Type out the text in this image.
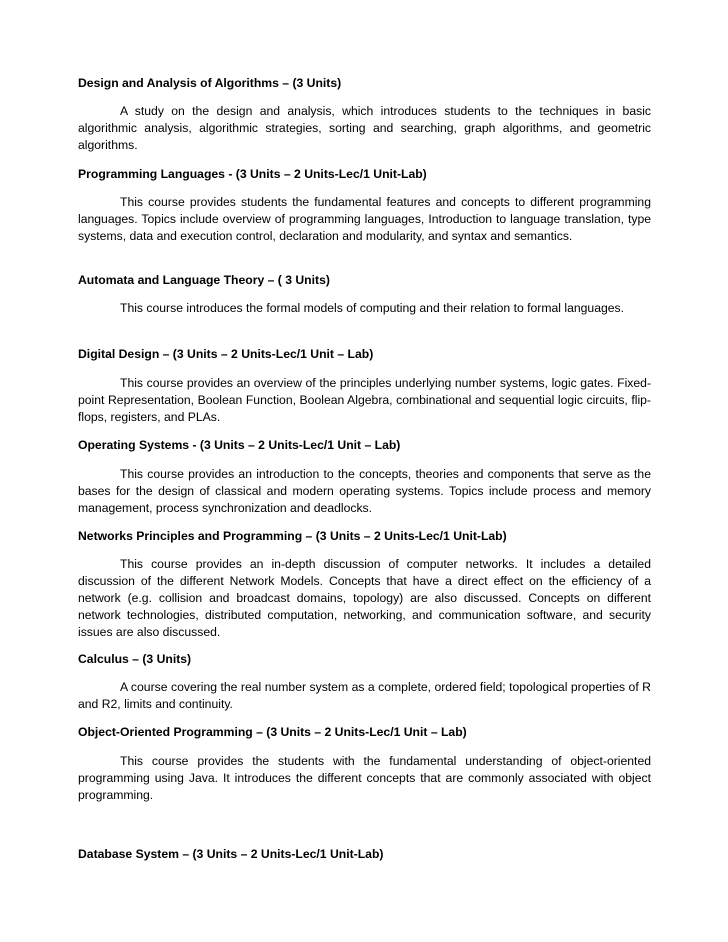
Design and Analysis of Algorithms – (3 Units)

A study on the design and analysis, which introduces students to the techniques in basic algorithmic analysis, algorithmic strategies, sorting and searching, graph algorithms, and geometric algorithms.

Programming Languages - (3 Units – 2 Units-Lec/1 Unit-Lab)

This course provides students the fundamental features and concepts to different programming languages. Topics include overview of programming languages, Introduction to language translation, type systems, data and execution control, declaration and modularity, and syntax and semantics.

Automata and Language Theory – ( 3 Units)

This course introduces the formal models of computing and their relation to formal languages.

Digital Design – (3 Units – 2 Units-Lec/1 Unit – Lab)

This course provides an overview of the principles underlying number systems, logic gates. Fixed-point Representation, Boolean Function, Boolean Algebra, combinational and sequential logic circuits, flip-flops, registers, and PLAs.

Operating Systems - (3 Units – 2 Units-Lec/1 Unit – Lab)

This course provides an introduction to the concepts, theories and components that serve as the bases for the design of classical and modern operating systems. Topics include process and memory management, process synchronization and deadlocks.

Networks Principles and Programming – (3 Units – 2 Units-Lec/1 Unit-Lab)

This course provides an in-depth discussion of computer networks. It includes a detailed discussion of the different Network Models. Concepts that have a direct effect on the efficiency of a network (e.g. collision and broadcast domains, topology) are also discussed. Concepts on different network technologies, distributed computation, networking, and communication software, and security issues are also discussed.

Calculus – (3 Units)

A course covering the real number system as a complete, ordered field; topological properties of R and R2, limits and continuity.

Object-Oriented Programming – (3 Units – 2 Units-Lec/1 Unit – Lab)

This course provides the students with the fundamental understanding of object-oriented programming using Java. It introduces the different concepts that are commonly associated with object programming.

Database System – (3 Units – 2 Units-Lec/1 Unit-Lab)
